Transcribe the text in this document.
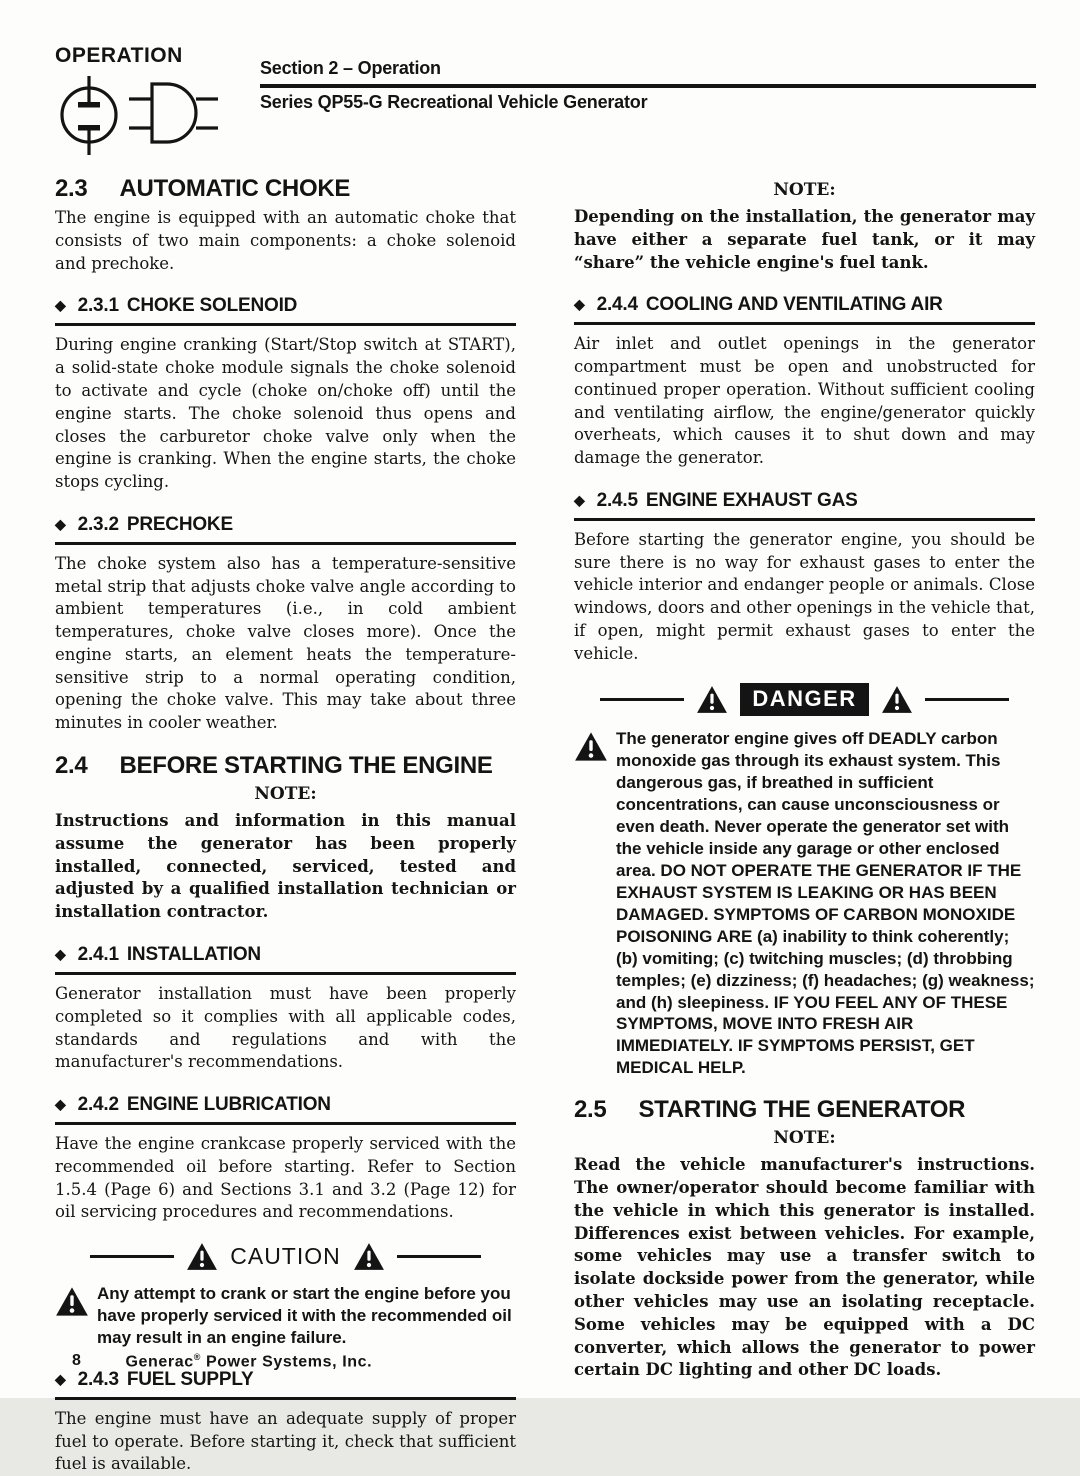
OPERATION
Section 2 – Operation
Series QP55-G Recreational Vehicle Generator
2.3 AUTOMATIC CHOKE

The engine is equipped with an automatic choke that consists of two main components: a choke solenoid and prechoke.

◆ 2.3.1 CHOKE SOLENOID

During engine cranking (Start/Stop switch at START), a solid-state choke module signals the choke solenoid to activate and cycle (choke on/choke off) until the engine starts. The choke solenoid thus opens and closes the carburetor choke valve only when the engine is cranking. When the engine starts, the choke stops cycling.

◆ 2.3.2 PRECHOKE

The choke system also has a temperature-sensitive metal strip that adjusts choke valve angle according to ambient temperatures (i.e., in cold ambient temperatures, choke valve closes more). Once the engine starts, an element heats the temperature-sensitive strip to a normal operating condition, opening the choke valve. This may take about three minutes in cooler weather.

2.4 BEFORE STARTING THE ENGINE
NOTE:

Instructions and information in this manual assume the generator has been properly installed, connected, serviced, tested and adjusted by a qualified installation technician or installation contractor.

◆ 2.4.1 INSTALLATION

Generator installation must have been properly completed so it complies with all applicable codes, standards and regulations and with the manufacturer's recommendations.

◆ 2.4.2 ENGINE LUBRICATION

Have the engine crankcase properly serviced with the recommended oil before starting. Refer to Section 1.5.4 (Page 6) and Sections 3.1 and 3.2 (Page 12) for oil servicing procedures and recommendations.

CAUTION

Any attempt to crank or start the engine before you have properly serviced it with the recommended oil may result in an engine failure.

◆ 2.4.3 FUEL SUPPLY

The engine must have an adequate supply of proper fuel to operate. Before starting it, check that sufficient fuel is available.

NOTE:

Depending on the installation, the generator may have either a separate fuel tank, or it may “share” the vehicle engine's fuel tank.

◆ 2.4.4 COOLING AND VENTILATING AIR

Air inlet and outlet openings in the generator compartment must be open and unobstructed for continued proper operation. Without sufficient cooling and ventilating airflow, the engine/generator quickly overheats, which causes it to shut down and may damage the generator.

◆ 2.4.5 ENGINE EXHAUST GAS

Before starting the generator engine, you should be sure there is no way for exhaust gases to enter the vehicle interior and endanger people or animals. Close windows, doors and other openings in the vehicle that, if open, might permit exhaust gases to enter the vehicle.

DANGER

The generator engine gives off DEADLY carbon monoxide gas through its exhaust system. This dangerous gas, if breathed in sufficient concentrations, can cause unconsciousness or even death. Never operate the generator set with the vehicle inside any garage or other enclosed area. DO NOT OPERATE THE GENERATOR IF THE EXHAUST SYSTEM IS LEAKING OR HAS BEEN DAMAGED. SYMPTOMS OF CARBON MONOXIDE POISONING ARE (a) inability to think coherently; (b) vomiting; (c) twitching muscles; (d) throbbing temples; (e) dizziness; (f) headaches; (g) weakness; and (h) sleepiness. IF YOU FEEL ANY OF THESE SYMPTOMS, MOVE INTO FRESH AIR IMMEDIATELY. IF SYMPTOMS PERSIST, GET MEDICAL HELP.

2.5 STARTING THE GENERATOR
NOTE:

Read the vehicle manufacturer's instructions. The owner/operator should become familiar with the vehicle in which this generator is installed. Differences exist between vehicles. For example, some vehicles may use a transfer switch to isolate dockside power from the generator, while other vehicles may use an isolating receptacle. Some vehicles may be equipped with a DC converter, which allows the generator to power certain DC lighting and other DC loads.

8	Generac® Power Systems, Inc.
